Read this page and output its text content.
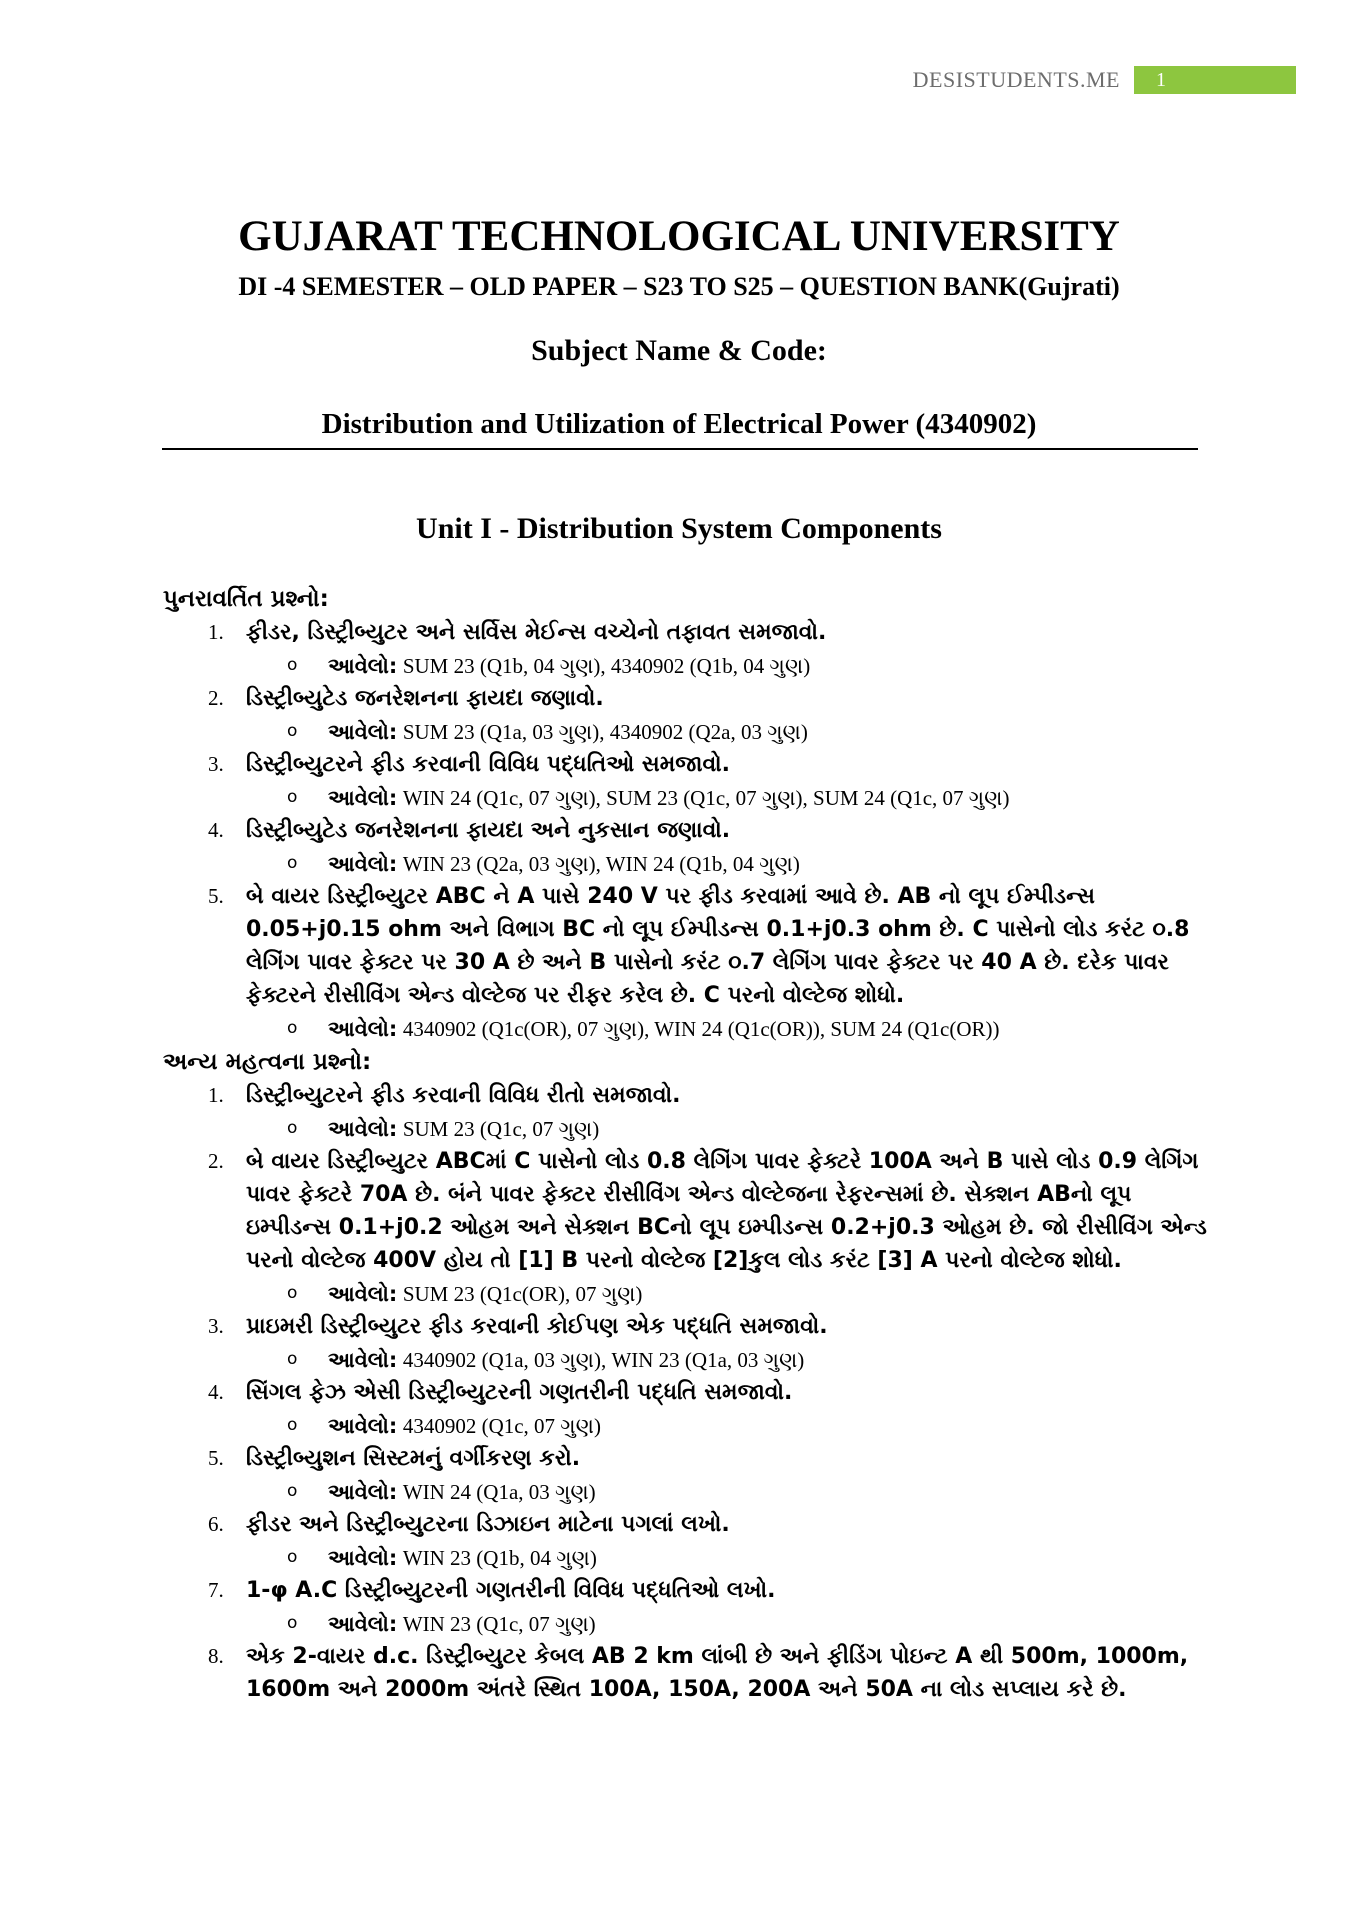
DESISTUDENTS.ME	1
GUJARAT TECHNOLOGICAL UNIVERSITY
DI -4 SEMESTER – OLD PAPER – S23 TO S25 – QUESTION BANK(Gujrati)
Subject Name & Code:
Distribution and Utilization of Electrical Power (4340902)
Unit I - Distribution System Components
પુનરાવર્તિત પ્રશ્નો:
1. ફીડર, ડિસ્ટ્રીબ્યુટર અને સર્વિસ મેઈન્સ વચ્ચેનો તફાવત સમજાવો.
o આવેલો: SUM 23 (Q1b, 04 ગુણ), 4340902 (Q1b, 04 ગુણ)
2. ડિસ્ટ્રીબ્યુટેડ જનરેશનના ફાયદા જણાવો.
o આવેલો: SUM 23 (Q1a, 03 ગુણ), 4340902 (Q2a, 03 ગુણ)
3. ડિસ્ટ્રીબ્યુટરને ફીડ કરવાની વિવિધ પદ્ધતિઓ સમજાવો.
o આવેલો: WIN 24 (Q1c, 07 ગુણ), SUM 23 (Q1c, 07 ગુણ), SUM 24 (Q1c, 07 ગુણ)
4. ડિસ્ટ્રીબ્યુટેડ જનરેશનના ફાયદા અને નુકસાન જણાવો.
o આવેલો: WIN 23 (Q2a, 03 ગુણ), WIN 24 (Q1b, 04 ગુણ)
5. બે વાયર ડિસ્ટ્રીબ્યુટર ABC ને A પાસે 240 V પર ફીડ કરવામાં આવે છે. AB નો લૂપ ઈમ્પીડન્સ 0.05+j0.15 ohm અને વિભાગ BC નો લૂપ ઈમ્પીડન્સ 0.1+j0.3 ohm છે. C પાસેનો લોડ કરંટ ૦.8 લેગિંગ પાવર ફેક્ટર પર 30 A છે અને B પાસેનો કરંટ ૦.7 લેગિંગ પાવર ફેક્ટર પર 40 A છે. દરેક પાવર ફેક્ટરને રીસીવિંગ એન્ડ વોલ્ટેજ પર રીફર કરેલ છે. C પરનો વોલ્ટેજ શોધો.
o આવેલો: 4340902 (Q1c(OR), 07 ગુણ), WIN 24 (Q1c(OR)), SUM 24 (Q1c(OR))
અન્ય મહત્વના પ્રશ્નો:
1. ડિસ્ટ્રીબ્યુટરને ફીડ કરવાની વિવિધ રીતો સમજાવો.
o આવેલો: SUM 23 (Q1c, 07 ગુણ)
2. બે વાયર ડિસ્ટ્રીબ્યુટર ABCમાં C પાસેનો લોડ 0.8 લેગિંગ પાવર ફેક્ટરે 100A અને B પાસે લોડ 0.9 લેગિંગ પાવર ફેક્ટરે 70A છે. બંને પાવર ફેક્ટર રીસીવિંગ એન્ડ વોલ્ટેજના રેફરન્સમાં છે. સેક્શન ABનો લૂપ ઇમ્પીડન્સ 0.1+j0.2 ઓહમ અને સેક્શન BCનો લૂપ ઇમ્પીડન્સ 0.2+j0.3 ઓહમ છે. જો રીસીવિંગ એન્ડ પરનો વોલ્ટેજ 400V હોય તો [1] B પરનો વોલ્ટેજ [2]કુલ લોડ કરંટ [3] A પરનો વોલ્ટેજ શોધો.
o આવેલો: SUM 23 (Q1c(OR), 07 ગુણ)
3. પ્રાઇમરી ડિસ્ટ્રીબ્યુટર ફીડ કરવાની કોઈપણ એક પદ્ધતિ સમજાવો.
o આવેલો: 4340902 (Q1a, 03 ગુણ), WIN 23 (Q1a, 03 ગુણ)
4. સિંગલ ફેઝ એસી ડિસ્ટ્રીબ્યુટરની ગણતરીની પદ્ધતિ સમજાવો.
o આવેલો: 4340902 (Q1c, 07 ગુણ)
5. ડિસ્ટ્રીબ્યુશન સિસ્ટમનું વર્ગીકરણ કરો.
o આવેલો: WIN 24 (Q1a, 03 ગુણ)
6. ફીડર અને ડિસ્ટ્રીબ્યુટરના ડિઝાઇન માટેના પગલાં લખો.
o આવેલો: WIN 23 (Q1b, 04 ગુણ)
7. 1-φ A.C ડિસ્ટ્રીબ્યુટરની ગણતરીની વિવિધ પદ્ધતિઓ લખો.
o આવેલો: WIN 23 (Q1c, 07 ગુણ)
8. એક 2-વાયર d.c. ડિસ્ટ્રીબ્યુટર કેબલ AB 2 km લાંબી છે અને ફીડિંગ પોઇન્ટ A થી 500m, 1000m, 1600m અને 2000m અંતરે સ્થિત 100A, 150A, 200A અને 50A ના લોડ સપ્લાય કરે છે.
